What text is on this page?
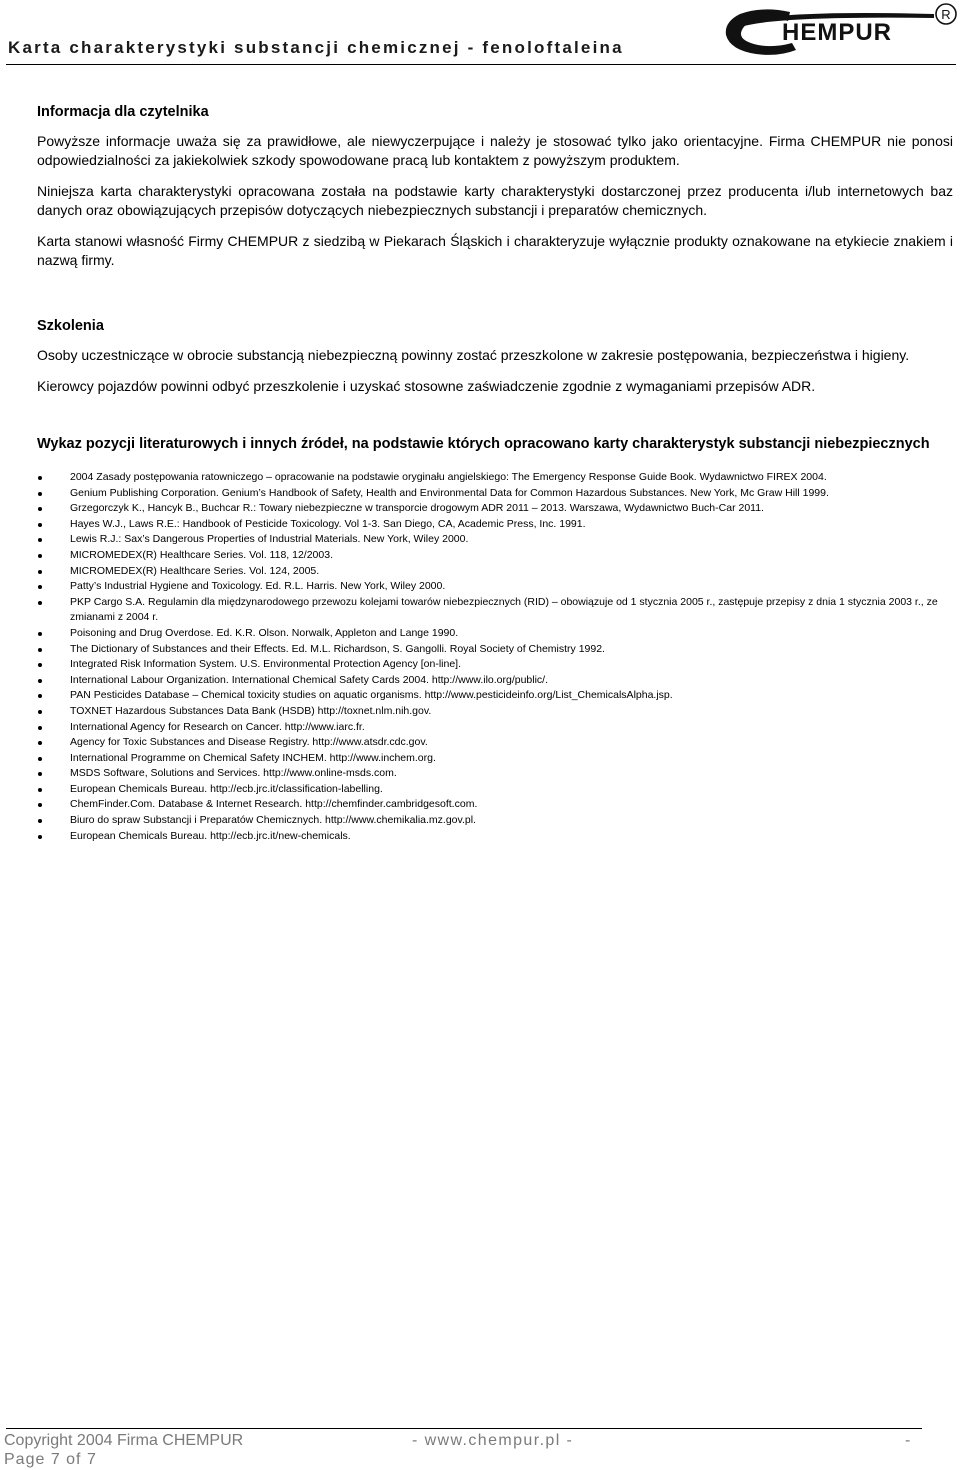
Karta charakterystyki substancji chemicznej - fenoloftaleina
HEMPUR
R
Informacja dla czytelnika

Powyższe informacje uważa się za prawidłowe, ale niewyczerpujące i należy je stosować tylko jako orientacyjne. Firma CHEMPUR nie ponosi odpowiedzialności za jakiekolwiek szkody spowodowane pracą lub kontaktem z powyższym produktem.

Niniejsza karta charakterystyki opracowana została na podstawie karty charakterystyki dostarczonej przez producenta i/lub internetowych baz danych oraz obowiązujących przepisów dotyczących niebezpiecznych substancji i preparatów chemicznych.

Karta stanowi własność Firmy CHEMPUR z siedzibą w Piekarach Śląskich i charakteryzuje wyłącznie produkty oznakowane na etykiecie znakiem i nazwą firmy.

Szkolenia

Osoby uczestniczące w obrocie substancją niebezpieczną powinny zostać przeszkolone w zakresie postępowania, bezpieczeństwa i higieny.

Kierowcy pojazdów powinni odbyć przeszkolenie i uzyskać stosowne zaświadczenie zgodnie z wymaganiami przepisów ADR.

Wykaz pozycji literaturowych i innych źródeł, na podstawie których opracowano karty charakterystyk substancji niebezpiecznych
2004 Zasady postępowania ratowniczego – opracowanie na podstawie oryginału angielskiego: The Emergency Response Guide Book. Wydawnictwo FIREX 2004.
Genium Publishing Corporation. Genium’s Handbook of Safety, Health and Environmental Data for Common Hazardous Substances. New York, Mc Graw Hill 1999.
Grzegorczyk K., Hancyk B., Buchcar R.: Towary niebezpieczne w transporcie drogowym ADR 2011 – 2013. Warszawa, Wydawnictwo Buch-Car 2011.
Hayes W.J., Laws R.E.: Handbook of Pesticide Toxicology. Vol 1-3. San Diego, CA, Academic Press, Inc. 1991.
Lewis R.J.: Sax’s Dangerous Properties of Industrial Materials. New York, Wiley 2000.
MICROMEDEX(R) Healthcare Series. Vol. 118, 12/2003.
MICROMEDEX(R) Healthcare Series. Vol. 124, 2005.
Patty’s Industrial Hygiene and Toxicology. Ed. R.L. Harris. New York, Wiley 2000.
PKP Cargo S.A. Regulamin dla międzynarodowego przewozu kolejami towarów niebezpiecznych (RID) – obowiązuje od 1 stycznia 2005 r., zastępuje przepisy z dnia 1 stycznia 2003 r., ze zmianami z 2004 r.
Poisoning and Drug Overdose. Ed. K.R. Olson. Norwalk, Appleton and Lange 1990.
The Dictionary of Substances and their Effects. Ed. M.L. Richardson, S. Gangolli. Royal Society of Chemistry 1992.
Integrated Risk Information System. U.S. Environmental Protection Agency [on-line].
International Labour Organization. International Chemical Safety Cards 2004. http://www.ilo.org/public/.
PAN Pesticides Database – Chemical toxicity studies on aquatic organisms. http://www.pesticideinfo.org/List_ChemicalsAlpha.jsp.
TOXNET Hazardous Substances Data Bank (HSDB) http://toxnet.nlm.nih.gov.
International Agency for Research on Cancer. http://www.iarc.fr.
Agency for Toxic Substances and Disease Registry. http://www.atsdr.cdc.gov.
International Programme on Chemical Safety INCHEM. http://www.inchem.org.
MSDS Software, Solutions and Services. http://www.online-msds.com.
European Chemicals Bureau. http://ecb.jrc.it/classification-labelling.
ChemFinder.Com. Database & Internet Research. http://chemfinder.cambridgesoft.com.
Biuro do spraw Substancji i Preparatów Chemicznych. http://www.chemikalia.mz.gov.pl.
European Chemicals Bureau. http://ecb.jrc.it/new-chemicals.
Copyright 2004 Firma CHEMPUR	- www.chempur.pl -	-
Page 7 of 7
